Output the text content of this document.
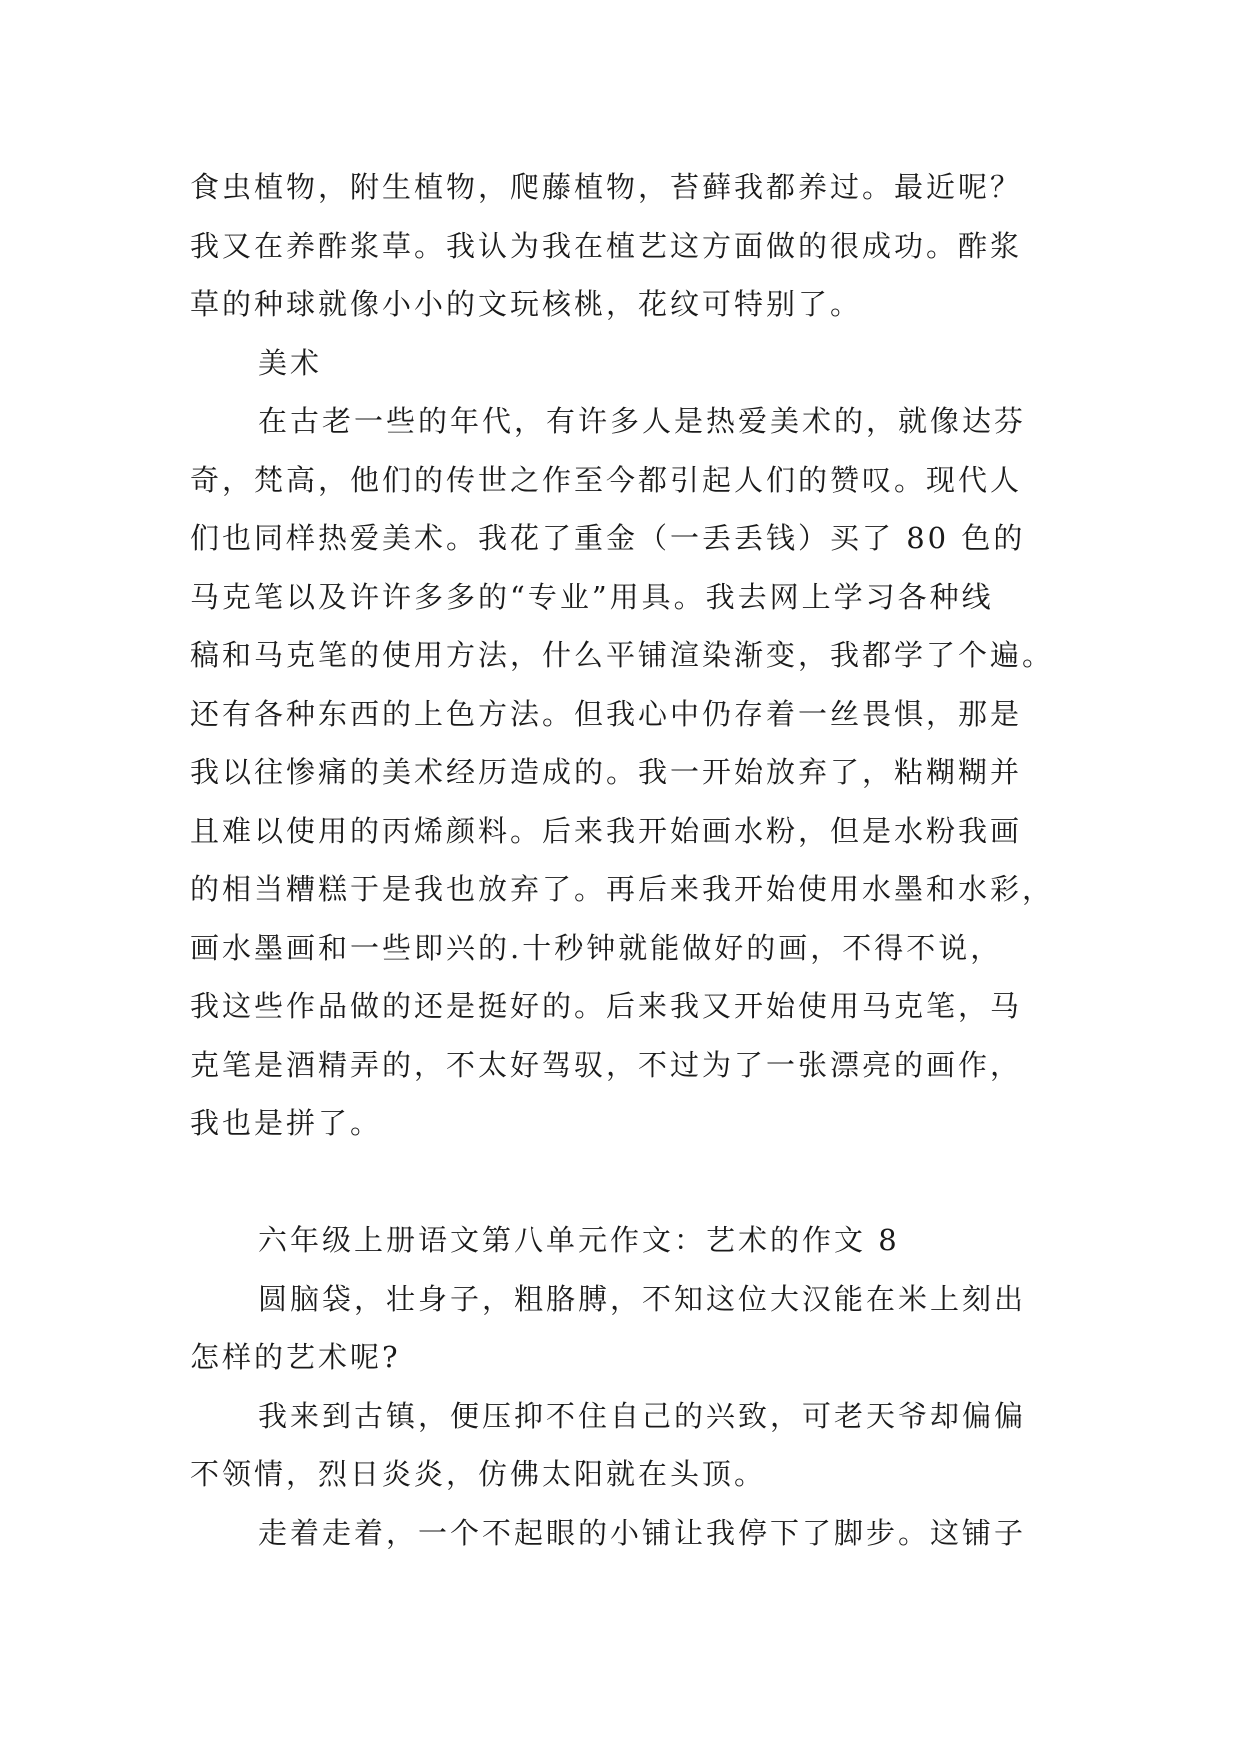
食虫植物，附生植物，爬藤植物，苔藓我都养过。最近呢？
我又在养酢浆草。我认为我在植艺这方面做的很成功。酢浆
草的种球就像小小的文玩核桃，花纹可特别了。
美术
在古老一些的年代，有许多人是热爱美术的，就像达芬
奇，梵高，他们的传世之作至今都引起人们的赞叹。现代人
们也同样热爱美术。我花了重金（一丢丢钱）买了 80 色的
马克笔以及许许多多的“专业”用具。我去网上学习各种线
稿和马克笔的使用方法，什么平铺渲染渐变，我都学了个遍。
还有各种东西的上色方法。但我心中仍存着一丝畏惧，那是
我以往惨痛的美术经历造成的。我一开始放弃了，粘糊糊并
且难以使用的丙烯颜料。后来我开始画水粉，但是水粉我画
的相当糟糕于是我也放弃了。再后来我开始使用水墨和水彩，
画水墨画和一些即兴的.十秒钟就能做好的画，不得不说，
我这些作品做的还是挺好的。后来我又开始使用马克笔，马
克笔是酒精弄的，不太好驾驭，不过为了一张漂亮的画作，
我也是拼了。
六年级上册语文第八单元作文：艺术的作文 8
圆脑袋，壮身子，粗胳膊，不知这位大汉能在米上刻出
怎样的艺术呢?
我来到古镇，便压抑不住自己的兴致，可老天爷却偏偏
不领情，烈日炎炎，仿佛太阳就在头顶。
走着走着，一个不起眼的小铺让我停下了脚步。这铺子
